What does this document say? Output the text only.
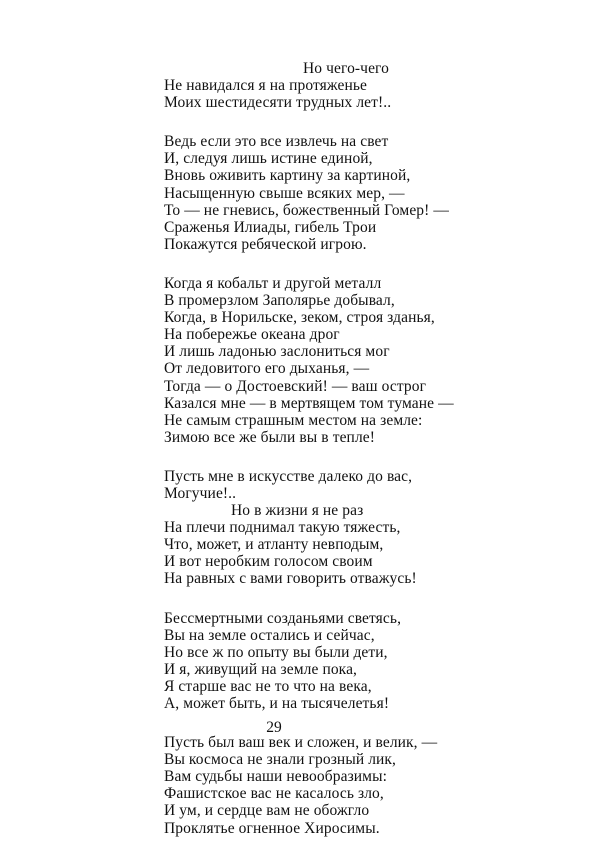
Но чего-чего
Не навидался я на протяженье
Моих шестидесяти трудных лет!..
Ведь если это все извлечь на свет
И, следуя лишь истине единой,
Вновь оживить картину за картиной,
Насыщенную свыше всяких мер, —
То — не гневись, божественный Гомер! —
Сраженья Илиады, гибель Трои
Покажутся ребяческой игрою.
Когда я кобальт и другой металл
В промерзлом Заполярье добывал,
Когда, в Норильске, зеком, строя зданья,
На побережье океана дрог
И лишь ладонью заслониться мог
От ледовитого его дыханья, —
Тогда — о Достоевский! — ваш острог
Казался мне — в мертвящем том тумане —
Не самым страшным местом на земле:
Зимою все же были вы в тепле!
Пусть мне в искусстве далеко до вас,
Могучие!..
Но в жизни я не раз
На плечи поднимал такую тяжесть,
Что, может, и атланту невподым,
И вот неробким голосом своим
На равных с вами говорить отважусь!
Бессмертными созданьями светясь,
Вы на земле остались и сейчас,
Но все ж по опыту вы были дети,
И я, живущий на земле пока,
Я старше вас не то что на века,
А, может быть, и на тысячелетья!
Пусть был ваш век и сложен, и велик, —
Вы космоса не знали грозный лик,
Вам судьбы наши невообразимы:
Фашистское вас не касалось зло,
И ум, и сердце вам не обожгло
Проклятье огненное Хиросимы.
29
